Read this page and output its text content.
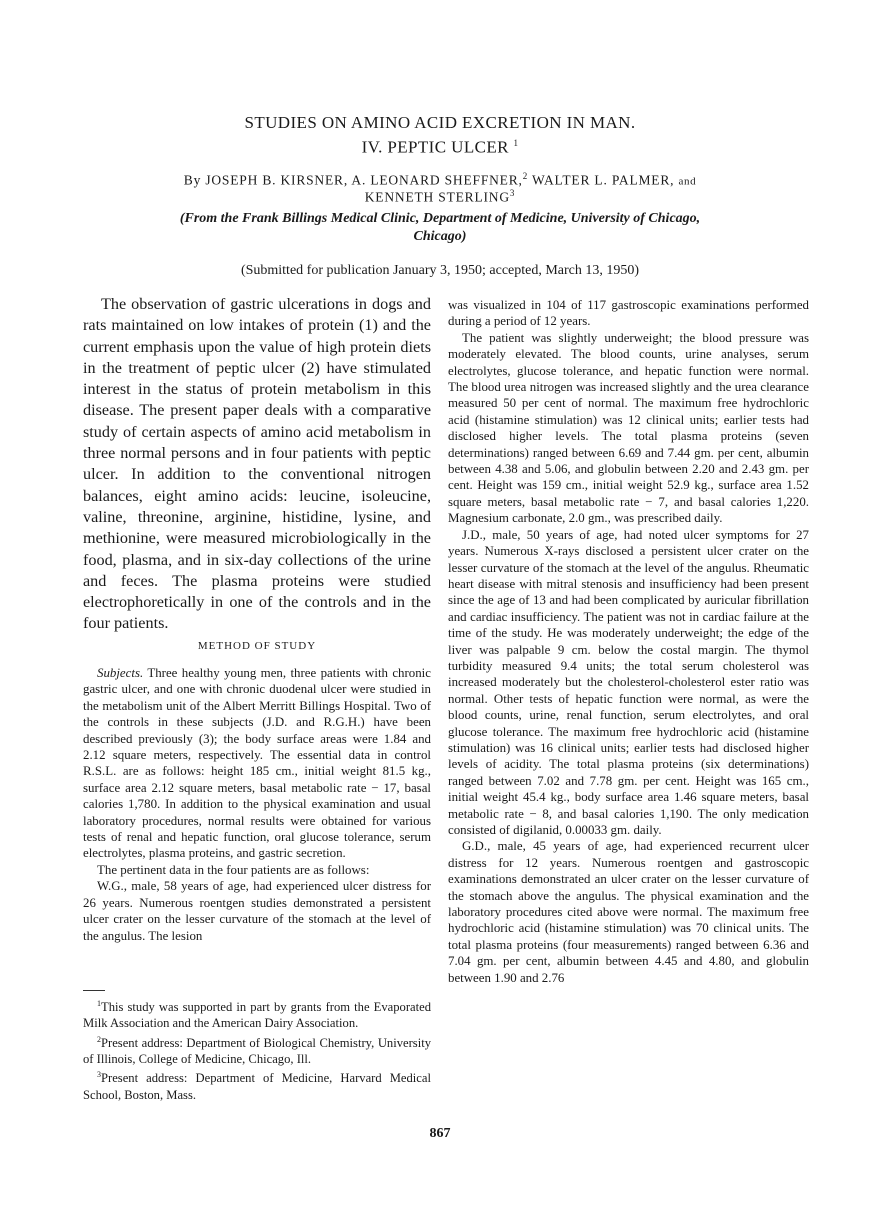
STUDIES ON AMINO ACID EXCRETION IN MAN.
IV. PEPTIC ULCER $^1$
By JOSEPH B. KIRSNER, A. LEONARD SHEFFNER,$^2$ WALTER L. PALMER, and
KENNETH STERLING$^3$
(From the Frank Billings Medical Clinic, Department of Medicine, University of Chicago,
Chicago)
(Submitted for publication January 3, 1950; accepted, March 13, 1950)

The observation of gastric ulcerations in dogs and rats maintained on low intakes of protein (1) and the current emphasis upon the value of high protein diets in the treatment of peptic ulcer (2) have stimulated interest in the status of protein metabolism in this disease. The present paper deals with a comparative study of certain aspects of amino acid metabolism in three normal persons and in four patients with peptic ulcer. In addition to the conventional nitrogen balances, eight amino acids: leucine, isoleucine, valine, threonine, arginine, histidine, lysine, and methionine, were measured microbiologically in the food, plasma, and in six-day collections of the urine and feces. The plasma proteins were studied electrophoretically in one of the controls and in the four patients.

METHOD OF STUDY

Subjects. Three healthy young men, three patients with chronic gastric ulcer, and one with chronic duodenal ulcer were studied in the metabolism unit of the Albert Merritt Billings Hospital. Two of the controls in these subjects (J.D. and R.G.H.) have been described previously (3); the body surface areas were 1.84 and 2.12 square meters, respectively. The essential data in control R.S.L. are as follows: height 185 cm., initial weight 81.5 kg., surface area 2.12 square meters, basal metabolic rate − 17, basal calories 1,780. In addition to the physical examination and usual laboratory procedures, normal results were obtained for various tests of renal and hepatic function, oral glucose tolerance, serum electrolytes, plasma proteins, and gastric secretion.

The pertinent data in the four patients are as follows:

W.G., male, 58 years of age, had experienced ulcer distress for 26 years. Numerous roentgen studies demonstrated a persistent ulcer crater on the lesser curvature of the stomach at the level of the angulus. The lesion

$^1$This study was supported in part by grants from the Evaporated Milk Association and the American Dairy Association.

$^2$Present address: Department of Biological Chemistry, University of Illinois, College of Medicine, Chicago, Ill.

$^3$Present address: Department of Medicine, Harvard Medical School, Boston, Mass.

was visualized in 104 of 117 gastroscopic examinations performed during a period of 12 years.

The patient was slightly underweight; the blood pressure was moderately elevated. The blood counts, urine analyses, serum electrolytes, glucose tolerance, and hepatic function were normal. The blood urea nitrogen was increased slightly and the urea clearance measured 50 per cent of normal. The maximum free hydrochloric acid (histamine stimulation) was 12 clinical units; earlier tests had disclosed higher levels. The total plasma proteins (seven determinations) ranged between 6.69 and 7.44 gm. per cent, albumin between 4.38 and 5.06, and globulin between 2.20 and 2.43 gm. per cent. Height was 159 cm., initial weight 52.9 kg., surface area 1.52 square meters, basal metabolic rate − 7, and basal calories 1,220. Magnesium carbonate, 2.0 gm., was prescribed daily.

J.D., male, 50 years of age, had noted ulcer symptoms for 27 years. Numerous X-rays disclosed a persistent ulcer crater on the lesser curvature of the stomach at the level of the angulus. Rheumatic heart disease with mitral stenosis and insufficiency had been present since the age of 13 and had been complicated by auricular fibrillation and cardiac insufficiency. The patient was not in cardiac failure at the time of the study. He was moderately underweight; the edge of the liver was palpable 9 cm. below the costal margin. The thymol turbidity measured 9.4 units; the total serum cholesterol was increased moderately but the cholesterol-cholesterol ester ratio was normal. Other tests of hepatic function were normal, as were the blood counts, urine, renal function, serum electrolytes, and oral glucose tolerance. The maximum free hydrochloric acid (histamine stimulation) was 16 clinical units; earlier tests had disclosed higher levels of acidity. The total plasma proteins (six determinations) ranged between 7.02 and 7.78 gm. per cent. Height was 165 cm., initial weight 45.4 kg., body surface area 1.46 square meters, basal metabolic rate − 8, and basal calories 1,190. The only medication consisted of digilanid, 0.00033 gm. daily.

G.D., male, 45 years of age, had experienced recurrent ulcer distress for 12 years. Numerous roentgen and gastroscopic examinations demonstrated an ulcer crater on the lesser curvature of the stomach above the angulus. The physical examination and the laboratory procedures cited above were normal. The maximum free hydrochloric acid (histamine stimulation) was 70 clinical units. The total plasma proteins (four measurements) ranged between 6.36 and 7.04 gm. per cent, albumin between 4.45 and 4.80, and globulin between 1.90 and 2.76

867
